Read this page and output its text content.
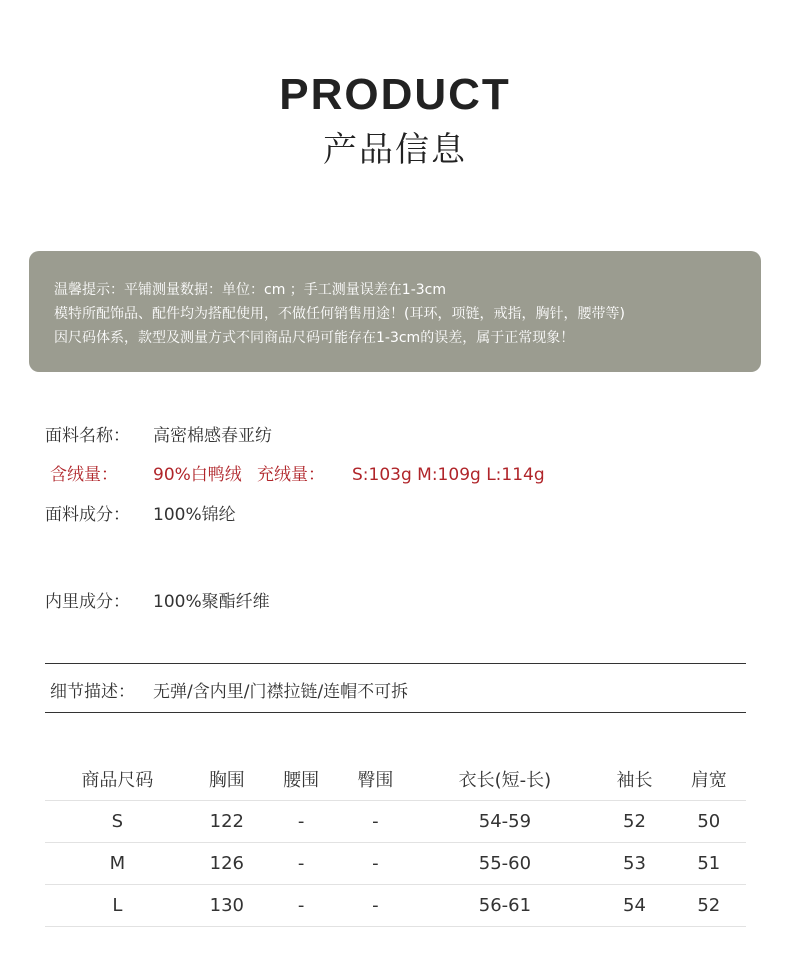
PRODUCT
产品信息
温馨提示：平铺测量数据：单位：cm ；手工测量误差在1-3cm
模特所配饰品、配件均为搭配使用，不做任何销售用途！(耳环，项链，戒指，胸针，腰带等)
因尺码体系，款型及测量方式不同商品尺码可能存在1-3cm的误差，属于正常现象！
面料名称： 高密棉感春亚纺
含绒量： 90%白鸭绒 充绒量： S:103g M:109g L:114g
面料成分： 100%锦纶
内里成分： 100%聚酯纤维
细节描述： 无弹/含内里/门襟拉链/连帽不可拆
商品尺码	胸围	腰围	臀围	衣长(短-长)	袖长	肩宽
S	122	-	-	54-59	52	50
M	126	-	-	55-60	53	51
L	130	-	-	56-61	54	52
